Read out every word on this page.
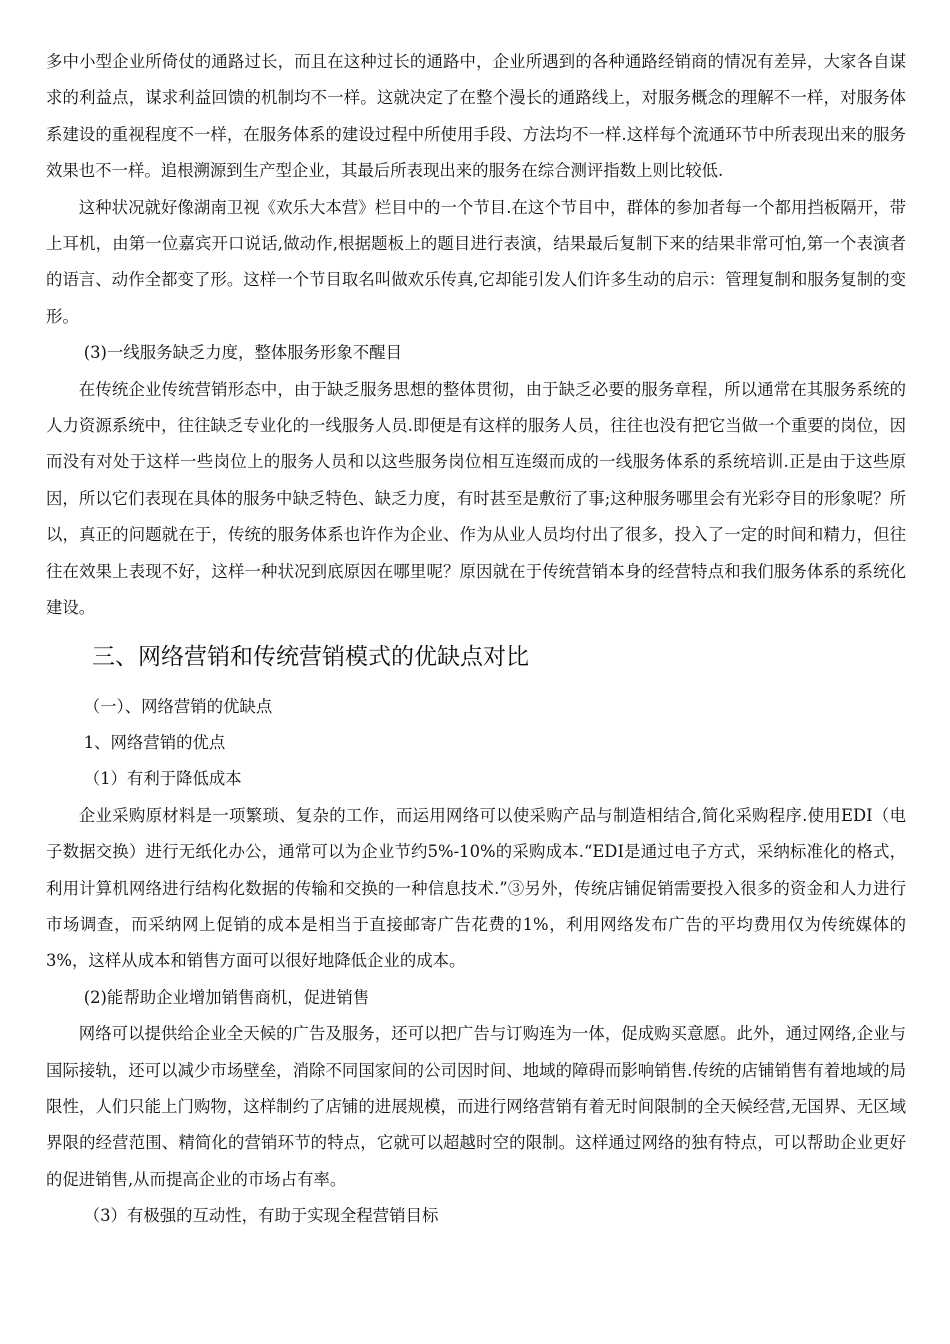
多中小型企业所倚仗的通路过长，而且在这种过长的通路中，企业所遇到的各种通路经销商的情况有差异，大家各自谋求的利益点，谋求利益回馈的机制均不一样。这就决定了在整个漫长的通路线上，对服务概念的理解不一样，对服务体系建设的重视程度不一样，在服务体系的建设过程中所使用手段、方法均不一样.这样每个流通环节中所表现出来的服务效果也不一样。追根溯源到生产型企业，其最后所表现出来的服务在综合测评指数上则比较低.

这种状况就好像湖南卫视《欢乐大本营》栏目中的一个节目.在这个节目中，群体的参加者每一个都用挡板隔开，带上耳机，由第一位嘉宾开口说话,做动作,根据题板上的题目进行表演，结果最后复制下来的结果非常可怕,第一个表演者的语言、动作全都变了形。这样一个节目取名叫做欢乐传真,它却能引发人们许多生动的启示：管理复制和服务复制的变形。

(3)一线服务缺乏力度，整体服务形象不醒目

在传统企业传统营销形态中，由于缺乏服务思想的整体贯彻，由于缺乏必要的服务章程，所以通常在其服务系统的人力资源系统中，往往缺乏专业化的一线服务人员.即便是有这样的服务人员，往往也没有把它当做一个重要的岗位，因而没有对处于这样一些岗位上的服务人员和以这些服务岗位相互连缀而成的一线服务体系的系统培训.正是由于这些原因，所以它们表现在具体的服务中缺乏特色、缺乏力度，有时甚至是敷衍了事;这种服务哪里会有光彩夺目的形象呢？所以，真正的问题就在于，传统的服务体系也许作为企业、作为从业人员均付出了很多，投入了一定的时间和精力，但往往在效果上表现不好，这样一种状况到底原因在哪里呢？原因就在于传统营销本身的经营特点和我们服务体系的系统化建设。

三、网络营销和传统营销模式的优缺点对比

（一）、网络营销的优缺点

1、网络营销的优点

（1）有利于降低成本

企业采购原材料是一项繁琐、复杂的工作，而运用网络可以使采购产品与制造相结合,简化采购程序.使用EDI（电子数据交换）进行无纸化办公，通常可以为企业节约5%-10%的采购成本.“EDI是通过电子方式，采纳标准化的格式，利用计算机网络进行结构化数据的传输和交换的一种信息技术.”③另外，传统店铺促销需要投入很多的资金和人力进行市场调查，而采纳网上促销的成本是相当于直接邮寄广告花费的1%，利用网络发布广告的平均费用仅为传统媒体的3%，这样从成本和销售方面可以很好地降低企业的成本。

(2)能帮助企业增加销售商机，促进销售

网络可以提供给企业全天候的广告及服务，还可以把广告与订购连为一体，促成购买意愿。此外，通过网络,企业与国际接轨，还可以减少市场壁垒，消除不同国家间的公司因时间、地域的障碍而影响销售.传统的店铺销售有着地域的局限性，人们只能上门购物，这样制约了店铺的进展规模，而进行网络营销有着无时间限制的全天候经营,无国界、无区域界限的经营范围、精简化的营销环节的特点，它就可以超越时空的限制。这样通过网络的独有特点，可以帮助企业更好的促进销售,从而提高企业的市场占有率。

（3）有极强的互动性，有助于实现全程营销目标
